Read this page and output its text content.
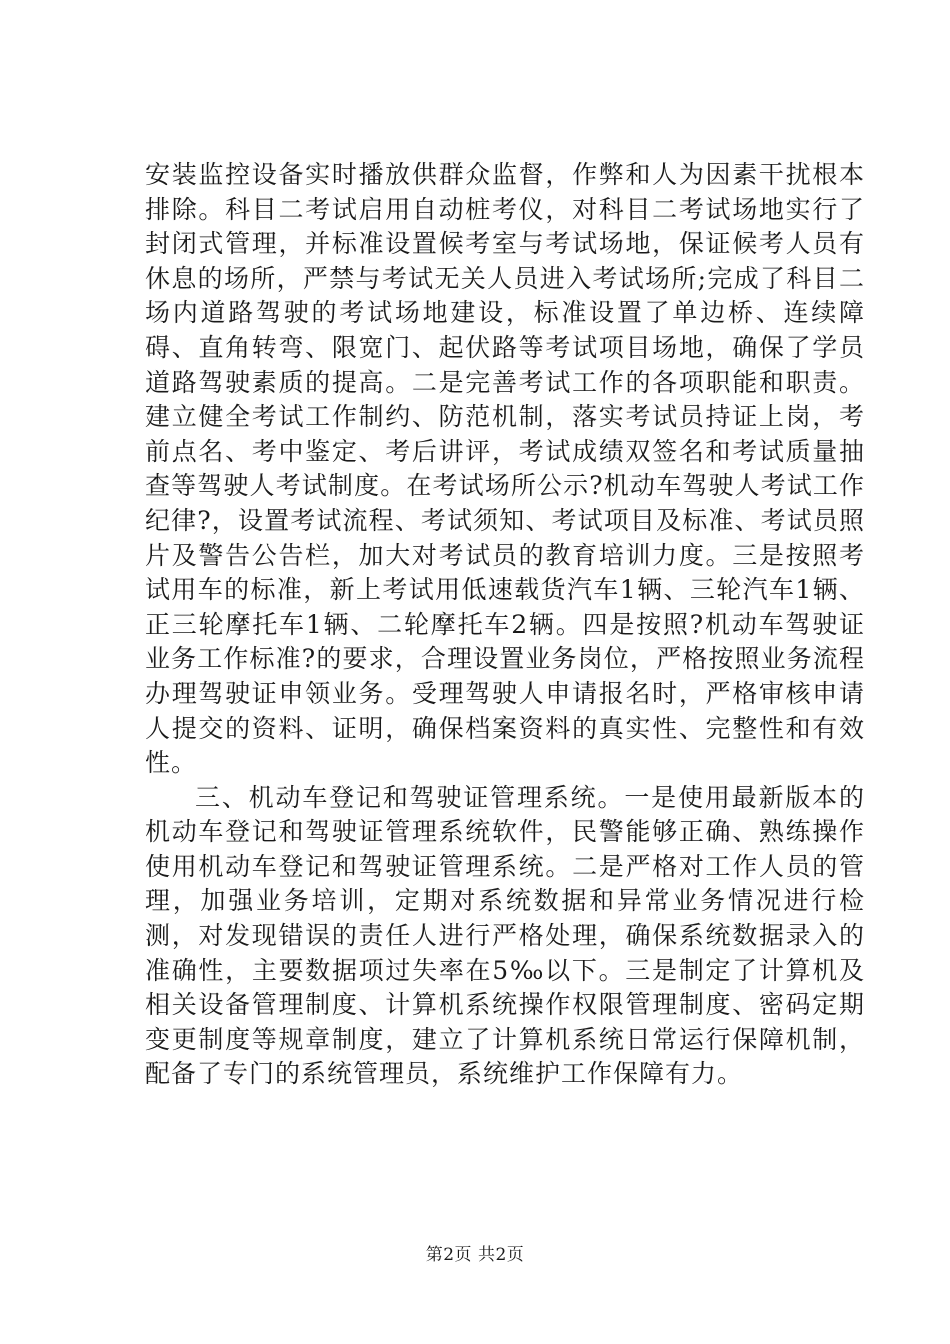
安装监控设备实时播放供群众监督，作弊和人为因素干扰根本排除。科目二考试启用自动桩考仪，对科目二考试场地实行了封闭式管理，并标准设置候考室与考试场地，保证候考人员有休息的场所，严禁与考试无关人员进入考试场所;完成了科目二场内道路驾驶的考试场地建设，标准设置了单边桥、连续障碍、直角转弯、限宽门、起伏路等考试项目场地，确保了学员道路驾驶素质的提高。二是完善考试工作的各项职能和职责。建立健全考试工作制约、防范机制，落实考试员持证上岗，考前点名、考中鉴定、考后讲评，考试成绩双签名和考试质量抽查等驾驶人考试制度。在考试场所公示?机动车驾驶人考试工作纪律?，设置考试流程、考试须知、考试项目及标准、考试员照片及警告公告栏，加大对考试员的教育培训力度。三是按照考试用车的标准，新上考试用低速载货汽车1辆、三轮汽车1辆、正三轮摩托车1辆、二轮摩托车2辆。四是按照?机动车驾驶证业务工作标准?的要求，合理设置业务岗位，严格按照业务流程办理驾驶证申领业务。受理驾驶人申请报名时，严格审核申请人提交的资料、证明，确保档案资料的真实性、完整性和有效性。

三、机动车登记和驾驶证管理系统。一是使用最新版本的机动车登记和驾驶证管理系统软件，民警能够正确、熟练操作使用机动车登记和驾驶证管理系统。二是严格对工作人员的管理，加强业务培训，定期对系统数据和异常业务情况进行检测，对发现错误的责任人进行严格处理，确保系统数据录入的准确性，主要数据项过失率在5‰以下。三是制定了计算机及相关设备管理制度、计算机系统操作权限管理制度、密码定期变更制度等规章制度，建立了计算机系统日常运行保障机制，配备了专门的系统管理员，系统维护工作保障有力。

第2页 共2页
